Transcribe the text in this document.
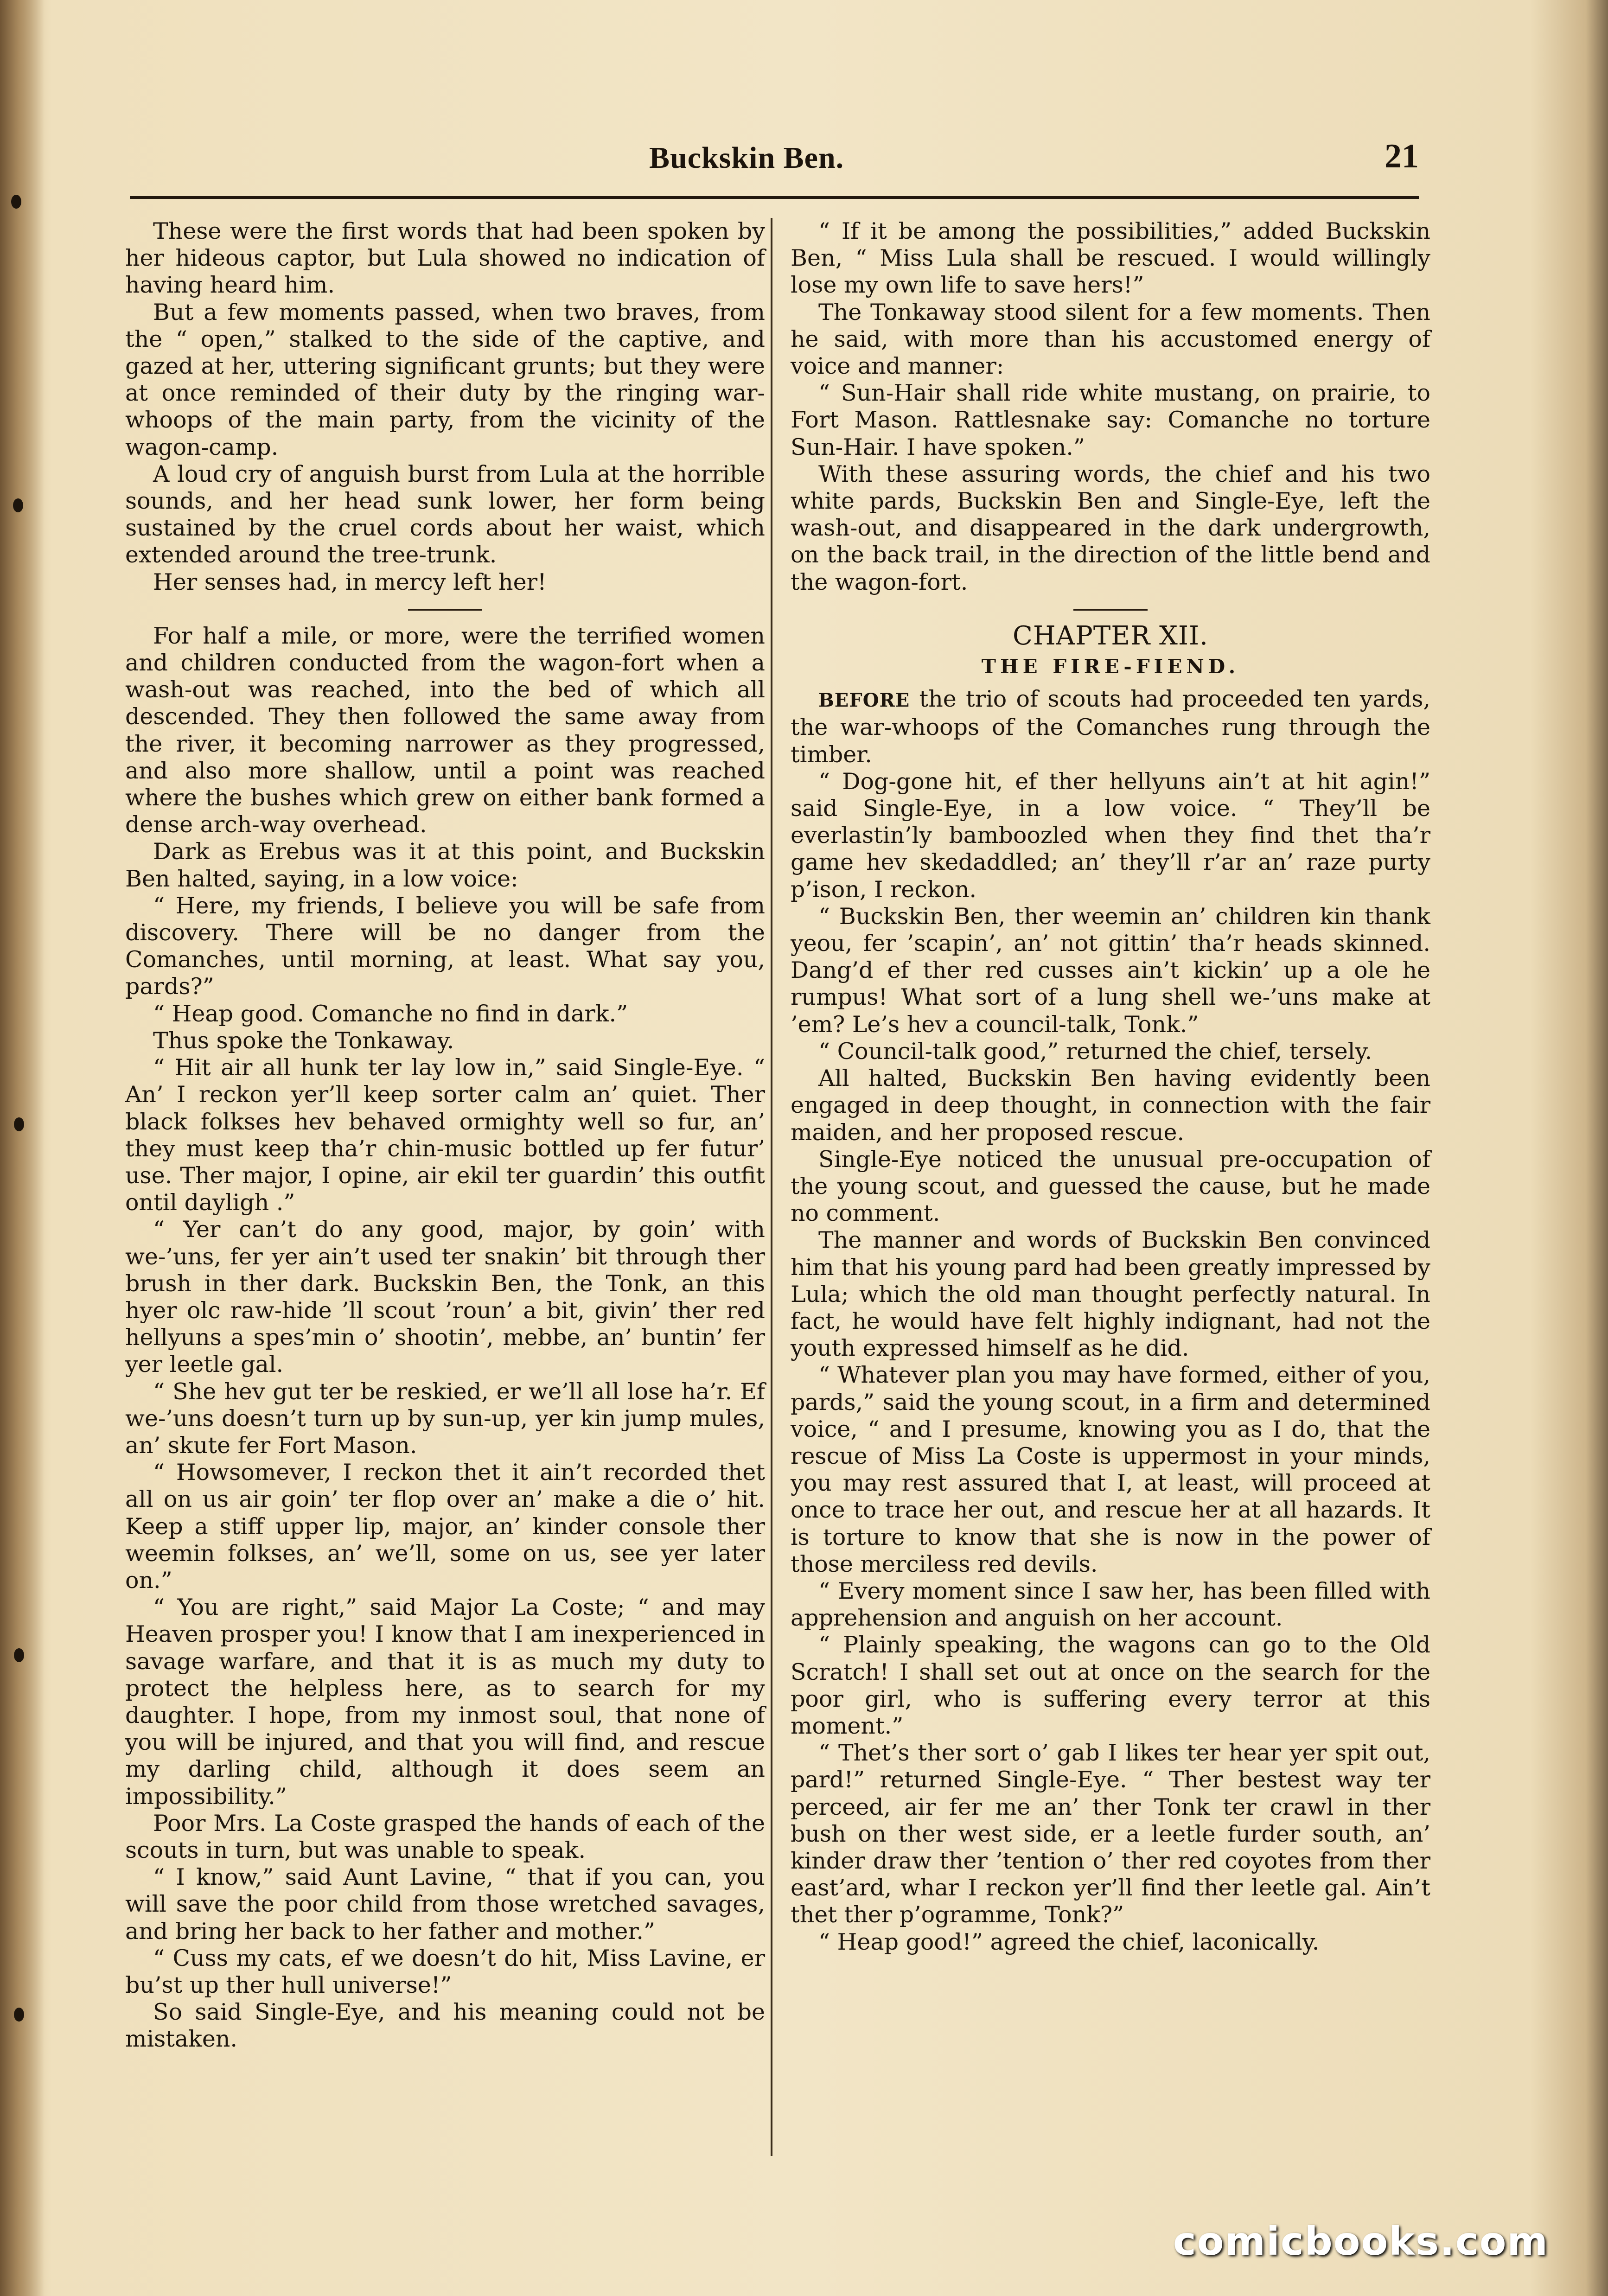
Buckskin Ben.	21

These were the first words that had been spoken by her hideous captor, but Lula showed no indication of having heard him.

But a few moments passed, when two braves, from the “ open,” stalked to the side of the captive, and gazed at her, uttering significant grunts; but they were at once reminded of their duty by the ringing war-whoops of the main party, from the vicinity of the wagon-camp.

A loud cry of anguish burst from Lula at the horrible sounds, and her head sunk lower, her form being sustained by the cruel cords about her waist, which extended around the tree-trunk.

Her senses had, in mercy left her!

For half a mile, or more, were the terrified women and children conducted from the wagon-fort when a wash-out was reached, into the bed of which all descended. They then followed the same away from the river, it becoming narrower as they progressed, and also more shallow, until a point was reached where the bushes which grew on either bank formed a dense arch-way overhead.

Dark as Erebus was it at this point, and Buckskin Ben halted, saying, in a low voice:

“ Here, my friends, I believe you will be safe from discovery. There will be no danger from the Comanches, until morning, at least. What say you, pards?”

“ Heap good. Comanche no find in dark.”

Thus spoke the Tonkaway.

“ Hit air all hunk ter lay low in,” said Single-Eye. “ An’ I reckon yer’ll keep sorter calm an’ quiet. Ther black folkses hev behaved ormighty well so fur, an’ they must keep tha’r chin-music bottled up fer futur’ use. Ther major, I opine, air ekil ter guardin’ this outfit ontil dayligh .”

“ Yer can’t do any good, major, by goin’ with we-’uns, fer yer ain’t used ter snakin’ bit through ther brush in ther dark. Buckskin Ben, the Tonk, an this hyer olc raw-hide ’ll scout ’roun’ a bit, givin’ ther red hellyuns a spes’min o’ shootin’, mebbe, an’ buntin’ fer yer leetle gal.

“ She hev gut ter be reskied, er we’ll all lose ha’r. Ef we-’uns doesn’t turn up by sun-up, yer kin jump mules, an’ skute fer Fort Mason.

“ Howsomever, I reckon thet it ain’t recorded thet all on us air goin’ ter flop over an’ make a die o’ hit. Keep a stiff upper lip, major, an’ kinder console ther weemin folkses, an’ we’ll, some on us, see yer later on.”

“ You are right,” said Major La Coste; “ and may Heaven prosper you! I know that I am inexperienced in savage warfare, and that it is as much my duty to protect the helpless here, as to search for my daughter. I hope, from my inmost soul, that none of you will be injured, and that you will find, and rescue my darling child, although it does seem an impossibility.”

Poor Mrs. La Coste grasped the hands of each of the scouts in turn, but was unable to speak.

“ I know,” said Aunt Lavine, “ that if you can, you will save the poor child from those wretched savages, and bring her back to her father and mother.”

“ Cuss my cats, ef we doesn’t do hit, Miss Lavine, er bu’st up ther hull universe!”

So said Single-Eye, and his meaning could not be mistaken.

“ If it be among the possibilities,” added Buckskin Ben, “ Miss Lula shall be rescued. I would willingly lose my own life to save hers!”

The Tonkaway stood silent for a few moments. Then he said, with more than his accustomed energy of voice and manner:

“ Sun-Hair shall ride white mustang, on prairie, to Fort Mason. Rattlesnake say: Comanche no torture Sun-Hair. I have spoken.”

With these assuring words, the chief and his two white pards, Buckskin Ben and Single-Eye, left the wash-out, and disappeared in the dark undergrowth, on the back trail, in the direction of the little bend and the wagon-fort.

CHAPTER XII.
THE FIRE-FIEND.

BEFORE the trio of scouts had proceeded ten yards, the war-whoops of the Comanches rung through the timber.

“ Dog-gone hit, ef ther hellyuns ain’t at hit agin!” said Single-Eye, in a low voice. “ They’ll be everlastin’ly bamboozled when they find thet tha’r game hev skedaddled; an’ they’ll r’ar an’ raze purty p’ison, I reckon.

“ Buckskin Ben, ther weemin an’ children kin thank yeou, fer ’scapin’, an’ not gittin’ tha’r heads skinned. Dang’d ef ther red cusses ain’t kickin’ up a ole he rumpus! What sort of a lung shell we-’uns make at ’em? Le’s hev a council-talk, Tonk.”

“ Council-talk good,” returned the chief, tersely.

All halted, Buckskin Ben having evidently been engaged in deep thought, in connection with the fair maiden, and her proposed rescue.

Single-Eye noticed the unusual pre-occupation of the young scout, and guessed the cause, but he made no comment.

The manner and words of Buckskin Ben convinced him that his young pard had been greatly impressed by Lula; which the old man thought perfectly natural. In fact, he would have felt highly indignant, had not the youth expressed himself as he did.

“ Whatever plan you may have formed, either of you, pards,” said the young scout, in a firm and determined voice, “ and I presume, knowing you as I do, that the rescue of Miss La Coste is uppermost in your minds, you may rest assured that I, at least, will proceed at once to trace her out, and rescue her at all hazards. It is torture to know that she is now in the power of those merciless red devils.

“ Every moment since I saw her, has been filled with apprehension and anguish on her account.

“ Plainly speaking, the wagons can go to the Old Scratch! I shall set out at once on the search for the poor girl, who is suffering every terror at this moment.”

“ Thet’s ther sort o’ gab I likes ter hear yer spit out, pard!” returned Single-Eye. “ Ther bestest way ter perceed, air fer me an’ ther Tonk ter crawl in ther bush on ther west side, er a leetle furder south, an’ kinder draw ther ’tention o’ ther red coyotes from ther east’ard, whar I reckon yer’ll find ther leetle gal. Ain’t thet ther p’ogramme, Tonk?”

“ Heap good!” agreed the chief, laconically.

comicbooks.com
